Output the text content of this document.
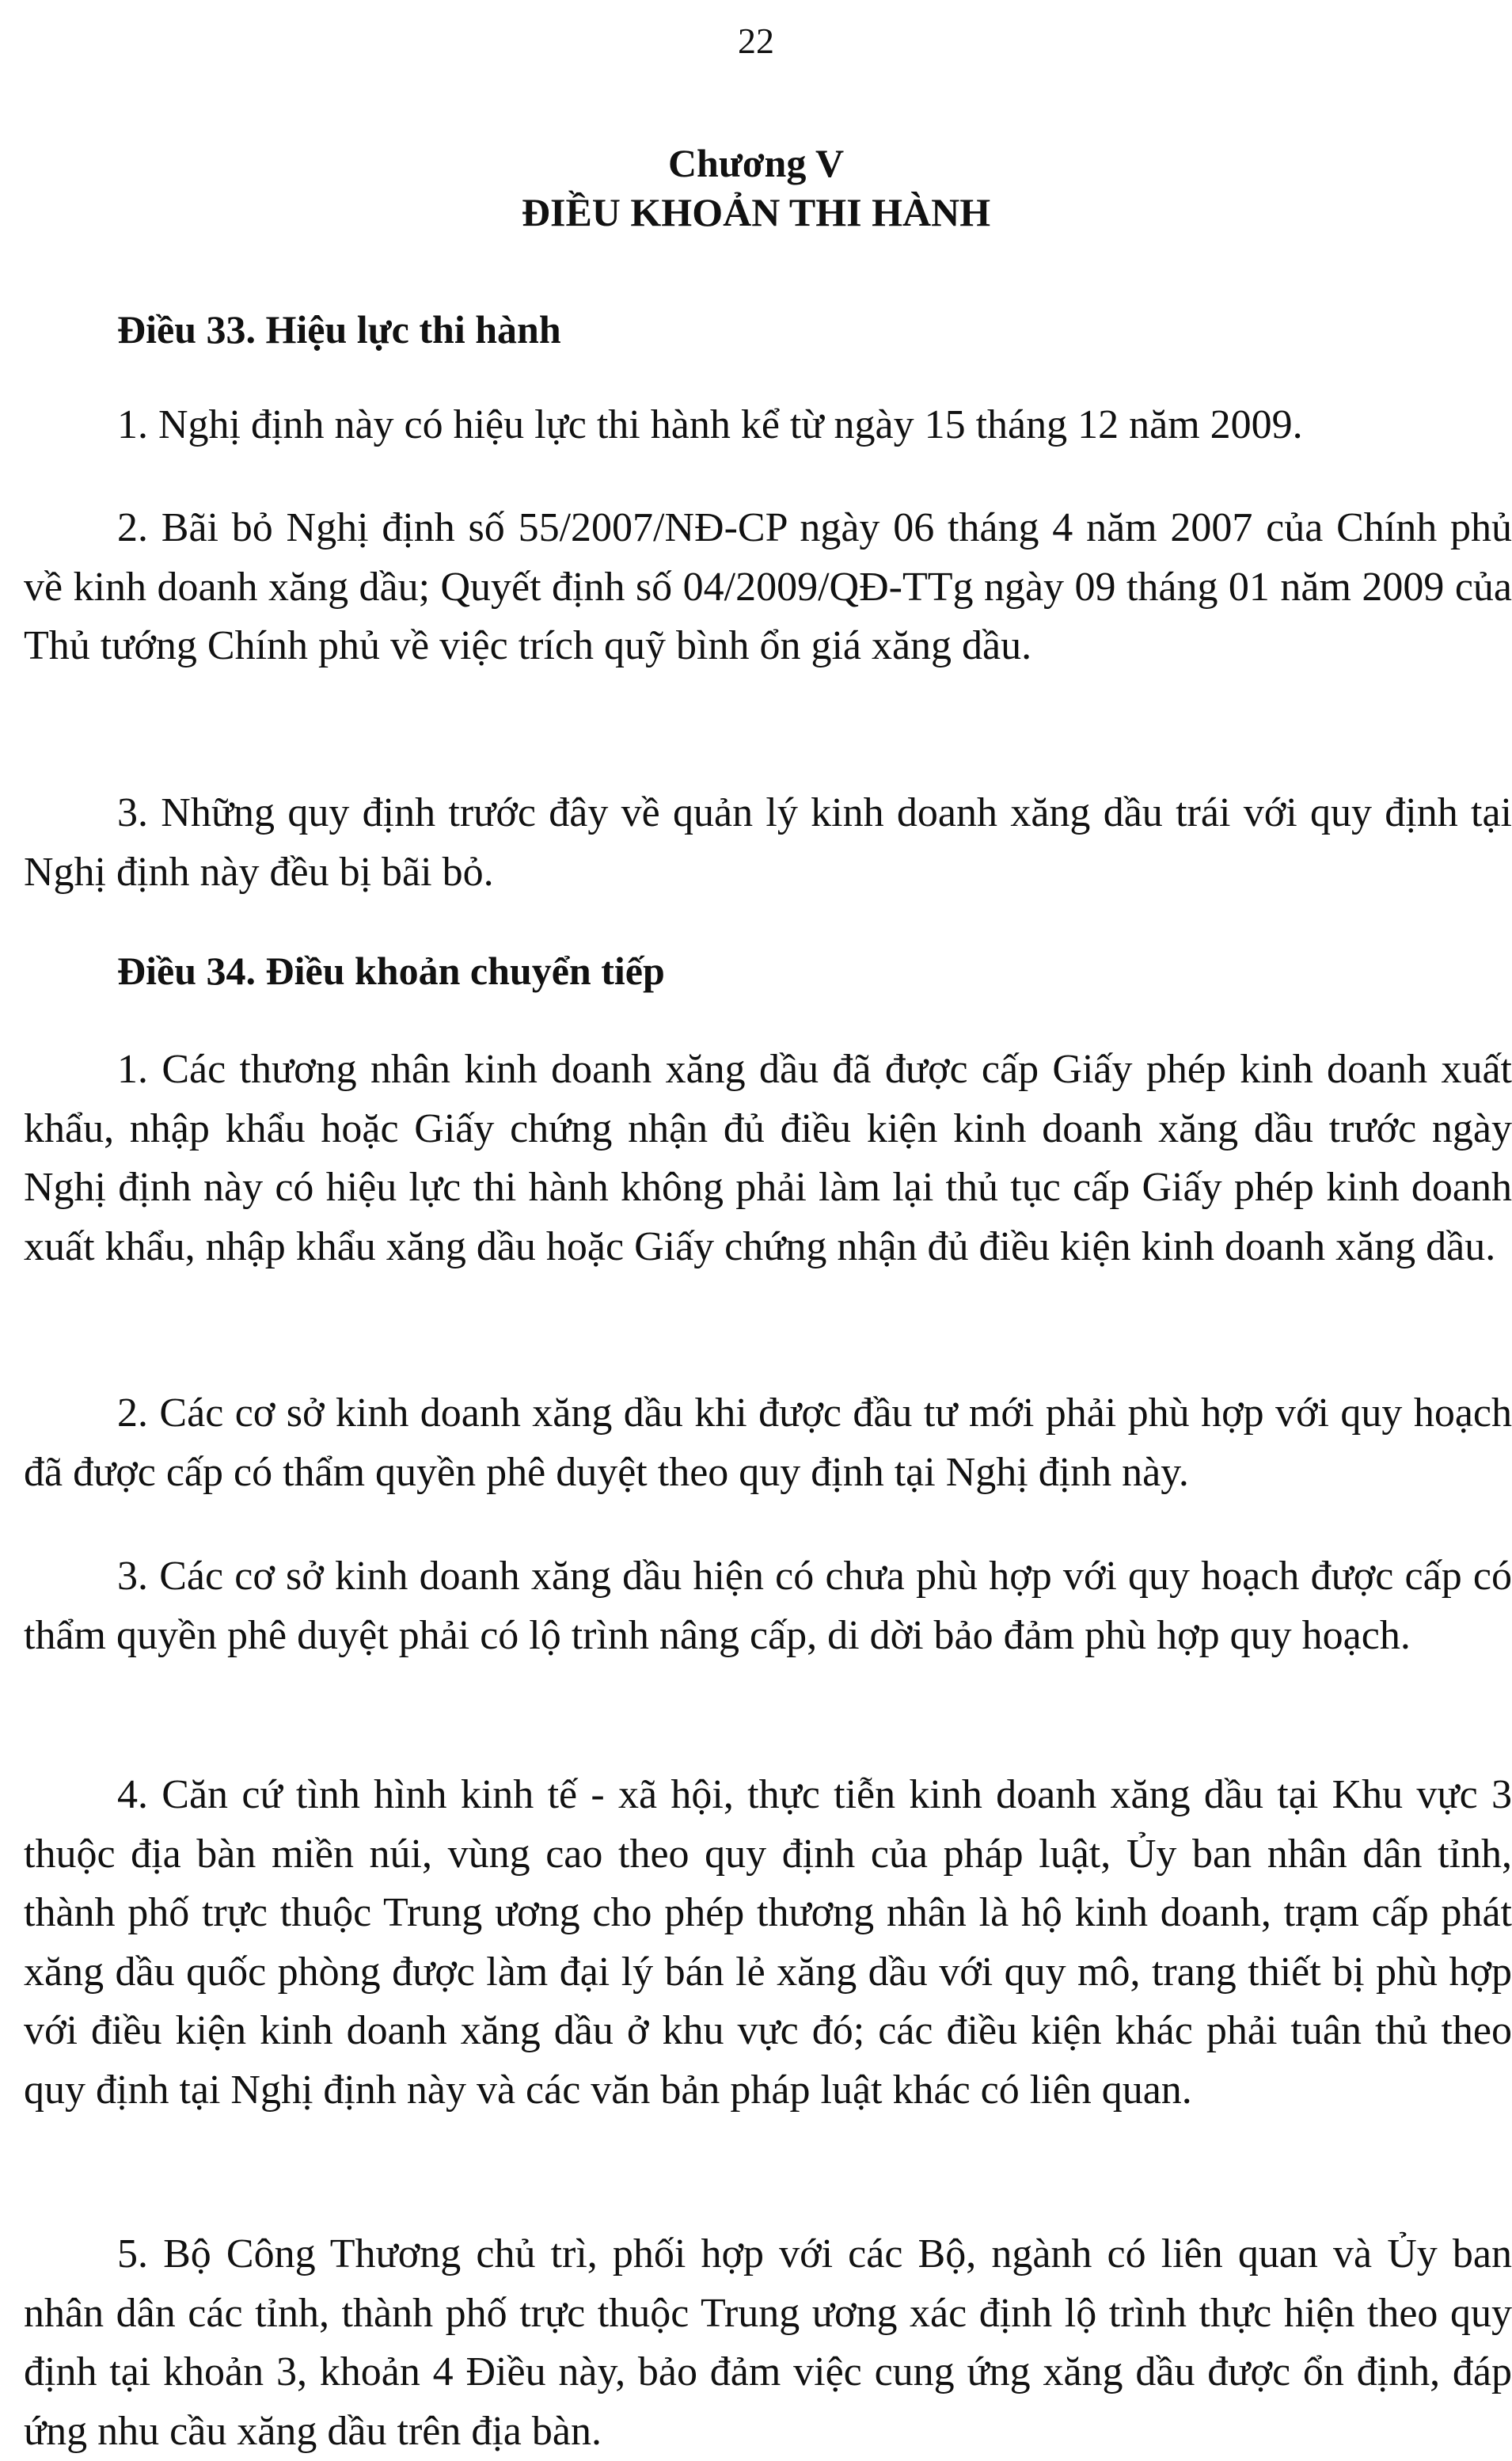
22
Chương V
ĐIỀU KHOẢN THI HÀNH
Điều 33. Hiệu lực thi hành
1. Nghị định này có hiệu lực thi hành kể từ ngày 15 tháng 12 năm 2009.
2. Bãi bỏ Nghị định số 55/2007/NĐ-CP ngày 06 tháng 4 năm 2007 của Chính phủ về kinh doanh xăng dầu; Quyết định số 04/2009/QĐ-TTg ngày 09 tháng 01 năm 2009 của Thủ tướng Chính phủ về việc trích quỹ bình ổn giá xăng dầu.
3. Những quy định trước đây về quản lý kinh doanh xăng dầu trái với quy định tại Nghị định này đều bị bãi bỏ.
Điều 34. Điều khoản chuyển tiếp
1. Các thương nhân kinh doanh xăng dầu đã được cấp Giấy phép kinh doanh xuất khẩu, nhập khẩu hoặc Giấy chứng nhận đủ điều kiện kinh doanh xăng dầu trước ngày Nghị định này có hiệu lực thi hành không phải làm lại thủ tục cấp Giấy phép kinh doanh xuất khẩu, nhập khẩu xăng dầu hoặc Giấy chứng nhận đủ điều kiện kinh doanh xăng dầu.
2. Các cơ sở kinh doanh xăng dầu khi được đầu tư mới phải phù hợp với quy hoạch đã được cấp có thẩm quyền phê duyệt theo quy định tại Nghị định này.
3. Các cơ sở kinh doanh xăng dầu hiện có chưa phù hợp với quy hoạch được cấp có thẩm quyền phê duyệt phải có lộ trình nâng cấp, di dời bảo đảm phù hợp quy hoạch.
4. Căn cứ tình hình kinh tế - xã hội, thực tiễn kinh doanh xăng dầu tại Khu vực 3 thuộc địa bàn miền núi, vùng cao theo quy định của pháp luật, Ủy ban nhân dân tỉnh, thành phố trực thuộc Trung ương cho phép thương nhân là hộ kinh doanh, trạm cấp phát xăng dầu quốc phòng được làm đại lý bán lẻ xăng dầu với quy mô, trang thiết bị phù hợp với điều kiện kinh doanh xăng dầu ở khu vực đó; các điều kiện khác phải tuân thủ theo quy định tại Nghị định này và các văn bản pháp luật khác có liên quan.
5. Bộ Công Thương chủ trì, phối hợp với các Bộ, ngành có liên quan và Ủy ban nhân dân các tỉnh, thành phố trực thuộc Trung ương xác định lộ trình thực hiện theo quy định tại khoản 3, khoản 4 Điều này, bảo đảm việc cung ứng xăng dầu được ổn định, đáp ứng nhu cầu xăng dầu trên địa bàn.
